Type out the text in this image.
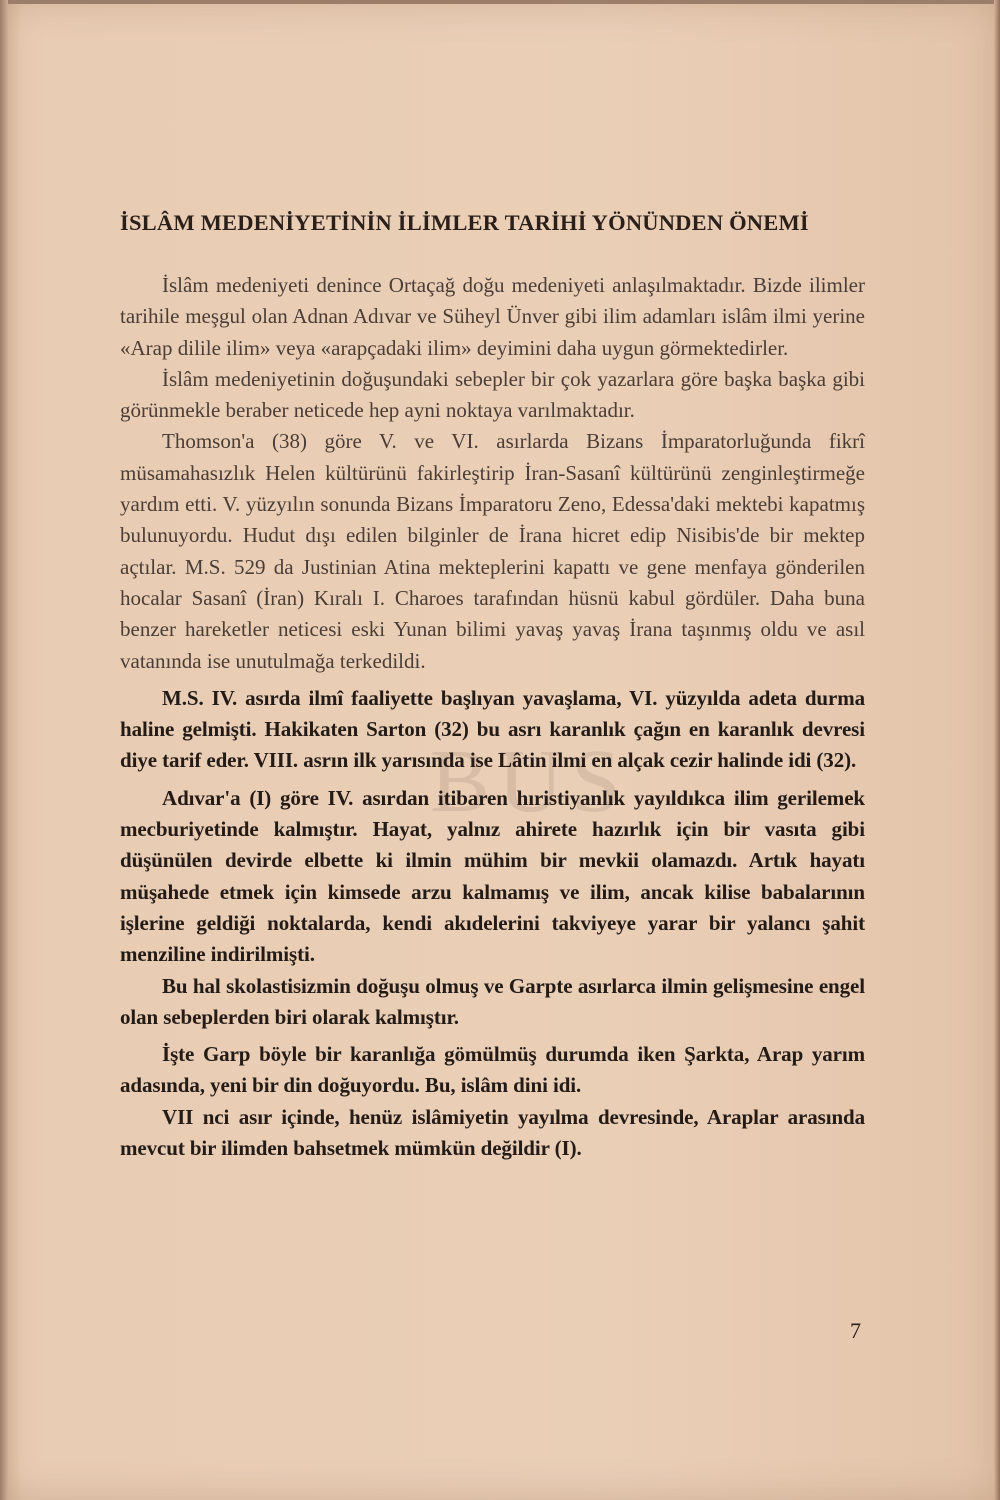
İSLÂM MEDENİYETİNİN İLİMLER TARİHİ YÖNÜNDEN ÖNEMİ
BUS

İslâm medeniyeti denince Ortaçağ doğu medeniyeti anlaşılmaktadır. Bizde ilimler tarihile meşgul olan Adnan Adıvar ve Süheyl Ünver gibi ilim adamları islâm ilmi yerine «Arap dilile ilim» veya «arapçadaki ilim» deyimini daha uygun görmektedirler.

İslâm medeniyetinin doğuşundaki sebepler bir çok yazarlara göre başka başka gibi görünmekle beraber neticede hep ayni noktaya varılmaktadır.

Thomson'a (38) göre V. ve VI. asırlarda Bizans İmparatorluğunda fikrî müsamahasızlık Helen kültürünü fakirleştirip İran-Sasanî kültürünü zenginleştirmeğe yardım etti. V. yüzyılın sonunda Bizans İmparatoru Zeno, Edessa'daki mektebi kapatmış bulunuyordu. Hudut dışı edilen bilginler de İrana hicret edip Nisibis'de bir mektep açtılar. M.S. 529 da Justinian Atina mekteplerini kapattı ve gene menfaya gönderilen hocalar Sasanî (İran) Kıralı I. Charoes tarafından hüsnü kabul gördüler. Daha buna benzer hareketler neticesi eski Yunan bilimi yavaş yavaş İrana taşınmış oldu ve asıl vatanında ise unutulmağa terkedildi.

M.S. IV. asırda ilmî faaliyette başlıyan yavaşlama, VI. yüzyılda adeta durma haline gelmişti. Hakikaten Sarton (32) bu asrı karanlık çağın en karanlık devresi diye tarif eder. VIII. asrın ilk yarısında ise Lâtin ilmi en alçak cezir halinde idi (32).

Adıvar'a (I) göre IV. asırdan itibaren hıristiyanlık yayıldıkca ilim gerilemek mecburiyetinde kalmıştır. Hayat, yalnız ahirete hazırlık için bir vasıta gibi düşünülen devirde elbette ki ilmin mühim bir mevkii olamazdı. Artık hayatı müşahede etmek için kimsede arzu kalmamış ve ilim, ancak kilise babalarının işlerine geldiği noktalarda, kendi akıdelerini takviyeye yarar bir yalancı şahit menziline indirilmişti.

Bu hal skolastisizmin doğuşu olmuş ve Garpte asırlarca ilmin gelişmesine engel olan sebeplerden biri olarak kalmıştır.

İşte Garp böyle bir karanlığa gömülmüş durumda iken Şarkta, Arap yarım adasında, yeni bir din doğuyordu. Bu, islâm dini idi.

VII nci asır içinde, henüz islâmiyetin yayılma devresinde, Araplar arasında mevcut bir ilimden bahsetmek mümkün değildir (I).

7
